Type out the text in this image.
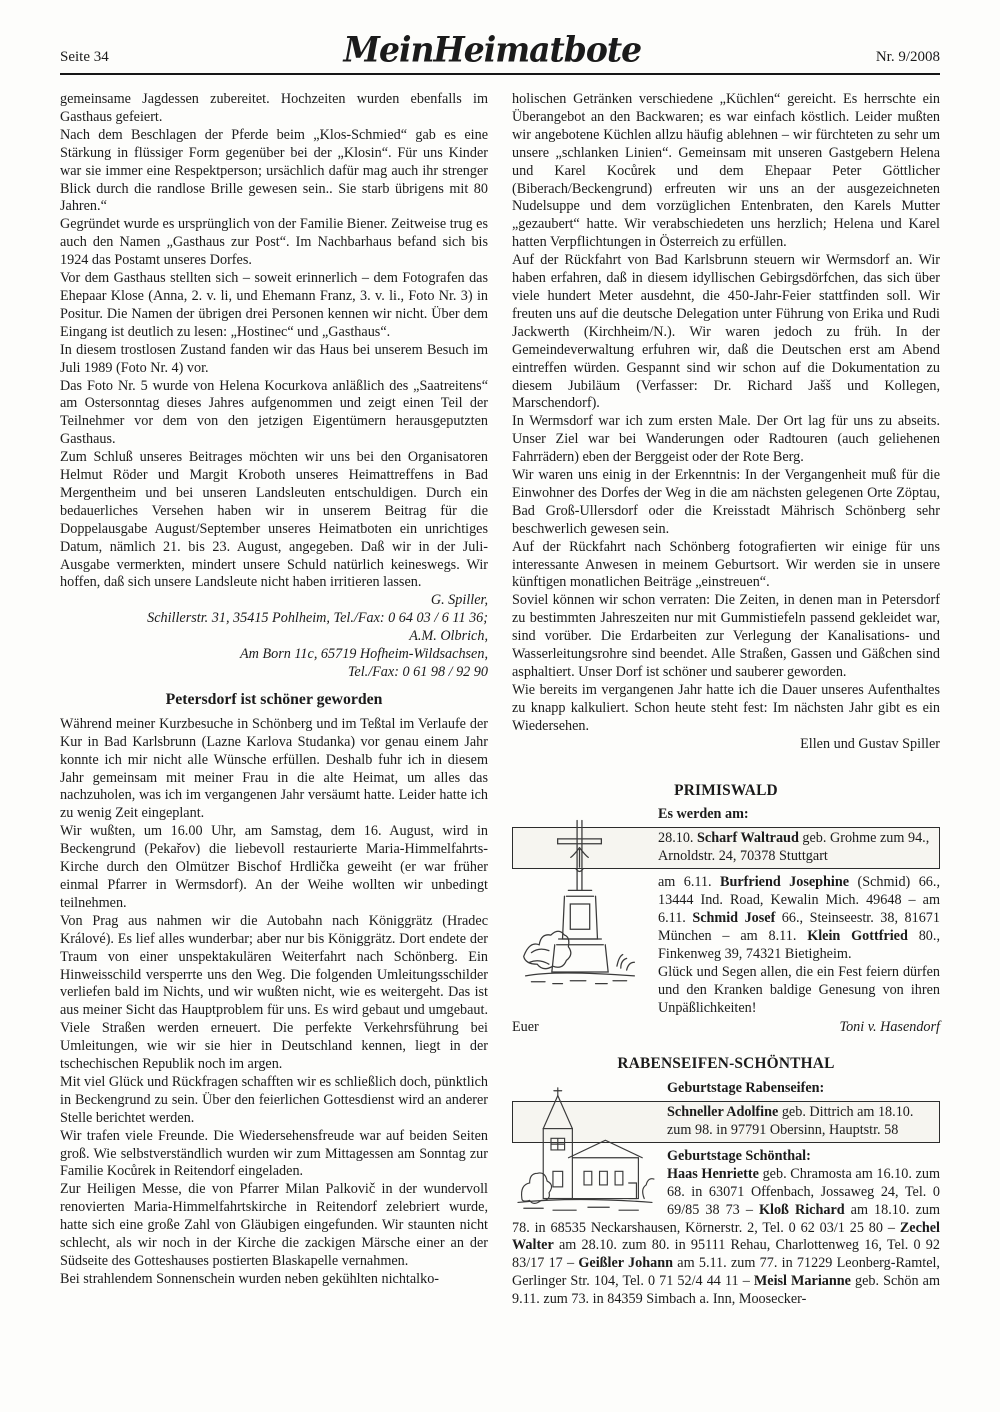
Seite 34	MeinHeimatbote	Nr. 9/2008

gemeinsame Jagdessen zubereitet. Hochzeiten wurden ebenfalls im Gasthaus gefeiert.

Nach dem Beschlagen der Pferde beim „Klos-Schmied“ gab es eine Stärkung in flüssiger Form gegenüber bei der „Klosin“. Für uns Kinder war sie immer eine Respektperson; ursächlich dafür mag auch ihr strenger Blick durch die randlose Brille gewesen sein.. Sie starb übrigens mit 80 Jahren.“

Gegründet wurde es ursprünglich von der Familie Biener. Zeitweise trug es auch den Namen „Gasthaus zur Post“. Im Nachbarhaus befand sich bis 1924 das Postamt unseres Dorfes.

Vor dem Gasthaus stellten sich – soweit erinnerlich – dem Fotografen das Ehepaar Klose (Anna, 2. v. li, und Ehemann Franz, 3. v. li., Foto Nr. 3) in Positur. Die Namen der übrigen drei Personen kennen wir nicht. Über dem Eingang ist deutlich zu lesen: „Hostinec“ und „Gasthaus“.

In diesem trostlosen Zustand fanden wir das Haus bei unserem Besuch im Juli 1989 (Foto Nr. 4) vor.

Das Foto Nr. 5 wurde von Helena Kocurkova anläßlich des „Saatreitens“ am Ostersonntag dieses Jahres aufgenommen und zeigt einen Teil der Teilnehmer vor dem von den jetzigen Eigentümern herausgeputzten Gasthaus.

Zum Schluß unseres Beitrages möchten wir uns bei den Organisatoren Helmut Röder und Margit Kroboth unseres Heimattreffens in Bad Mergentheim und bei unseren Landsleuten entschuldigen. Durch ein bedauerliches Versehen haben wir in unserem Beitrag für die Doppelausgabe August/September unseres Heimatboten ein unrichtiges Datum, nämlich 21. bis 23. August, angegeben. Daß wir in der Juli-Ausgabe vermerkten, mindert unsere Schuld natürlich keineswegs. Wir hoffen, daß sich unsere Landsleute nicht haben irritieren lassen.

G. Spiller,

Schillerstr. 31, 35415 Pohlheim, Tel./Fax: 0 64 03 / 6 11 36;

A.M. Olbrich,

Am Born 11c, 65719 Hofheim-Wildsachsen,

Tel./Fax: 0 61 98 / 92 90

Petersdorf ist schöner geworden

Während meiner Kurzbesuche in Schönberg und im Teßtal im Verlaufe der Kur in Bad Karlsbrunn (Lazne Karlova Studanka) vor genau einem Jahr konnte ich mir nicht alle Wünsche erfüllen. Deshalb fuhr ich in diesem Jahr gemeinsam mit meiner Frau in die alte Heimat, um alles das nachzuholen, was ich im vergangenen Jahr versäumt hatte. Leider hatte ich zu wenig Zeit eingeplant.

Wir wußten, um 16.00 Uhr, am Samstag, dem 16. August, wird in Beckengrund (Pekařov) die liebevoll restaurierte Maria-Himmelfahrts-Kirche durch den Olmützer Bischof Hrdlička geweiht (er war früher einmal Pfarrer in Wermsdorf). An der Weihe wollten wir unbedingt teilnehmen.

Von Prag aus nahmen wir die Autobahn nach Königgrätz (Hradec Králové). Es lief alles wunderbar; aber nur bis Königgrätz. Dort endete der Traum von einer unspektakulären Weiterfahrt nach Schönberg. Ein Hinweisschild versperrte uns den Weg. Die folgenden Umleitungsschilder verliefen bald im Nichts, und wir wußten nicht, wie es weitergeht. Das ist aus meiner Sicht das Hauptproblem für uns. Es wird gebaut und umgebaut. Viele Straßen werden erneuert. Die perfekte Verkehrsführung bei Umleitungen, wie wir sie hier in Deutschland kennen, liegt in der tschechischen Republik noch im argen.

Mit viel Glück und Rückfragen schafften wir es schließlich doch, pünktlich in Beckengrund zu sein. Über den feierlichen Gottesdienst wird an anderer Stelle berichtet werden.

Wir trafen viele Freunde. Die Wiedersehensfreude war auf beiden Seiten groß. Wie selbstverständlich wurden wir zum Mittagessen am Sonntag zur Familie Kocůrek in Reitendorf eingeladen.

Zur Heiligen Messe, die von Pfarrer Milan Palkovič in der wundervoll renovierten Maria-Himmelfahrtskirche in Reitendorf zelebriert wurde, hatte sich eine große Zahl von Gläubigen eingefunden. Wir staunten nicht schlecht, als wir noch in der Kirche die zackigen Märsche einer an der Südseite des Gotteshauses postierten Blaskapelle vernahmen.

Bei strahlendem Sonnenschein wurden neben gekühlten nichtalko-

holischen Getränken verschiedene „Küchlen“ gereicht. Es herrschte ein Überangebot an den Backwaren; es war einfach köstlich. Leider mußten wir angebotene Küchlen allzu häufig ablehnen – wir fürchteten zu sehr um unsere „schlanken Linien“. Gemeinsam mit unseren Gastgebern Helena und Karel Kocůrek und dem Ehepaar Peter Göttlicher (Biberach/Beckengrund) erfreuten wir uns an der ausgezeichneten Nudelsuppe und dem vorzüglichen Entenbraten, den Karels Mutter „gezaubert“ hatte. Wir verabschiedeten uns herzlich; Helena und Karel hatten Verpflichtungen in Österreich zu erfüllen.

Auf der Rückfahrt von Bad Karlsbrunn steuern wir Wermsdorf an. Wir haben erfahren, daß in diesem idyllischen Gebirgsdörfchen, das sich über viele hundert Meter ausdehnt, die 450-Jahr-Feier stattfinden soll. Wir freuten uns auf die deutsche Delegation unter Führung von Erika und Rudi Jackwerth (Kirchheim/N.). Wir waren jedoch zu früh. In der Gemeindeverwaltung erfuhren wir, daß die Deutschen erst am Abend eintreffen würden. Gespannt sind wir schon auf die Dokumentation zu diesem Jubiläum (Verfasser: Dr. Richard Jašš und Kollegen, Marschendorf).

In Wermsdorf war ich zum ersten Male. Der Ort lag für uns zu abseits. Unser Ziel war bei Wanderungen oder Radtouren (auch geliehenen Fahrrädern) eben der Berggeist oder der Rote Berg.

Wir waren uns einig in der Erkenntnis: In der Vergangenheit muß für die Einwohner des Dorfes der Weg in die am nächsten gelegenen Orte Zöptau, Bad Groß-Ullersdorf oder die Kreisstadt Mährisch Schönberg sehr beschwerlich gewesen sein.

Auf der Rückfahrt nach Schönberg fotografierten wir einige für uns interessante Anwesen in meinem Geburtsort. Wir werden sie in unsere künftigen monatlichen Beiträge „einstreuen“.

Soviel können wir schon verraten: Die Zeiten, in denen man in Petersdorf zu bestimmten Jahreszeiten nur mit Gummistiefeln passend gekleidet war, sind vorüber. Die Erdarbeiten zur Verlegung der Kanalisations- und Wasserleitungsrohre sind beendet. Alle Straßen, Gassen und Gäßchen sind asphaltiert. Unser Dorf ist schöner und sauberer geworden.

Wie bereits im vergangenen Jahr hatte ich die Dauer unseres Aufenthaltes zu knapp kalkuliert. Schon heute steht fest: Im nächsten Jahr gibt es ein Wiedersehen.

Ellen und Gustav Spiller

PRIMISWALD

Es werden am:

28.10. Scharf Waltraud geb. Grohme zum 94., Arnoldstr. 24, 70378 Stuttgart

am 6.11. Burfriend Josephine (Schmid) 66., 13444 Ind. Road, Kewalin Mich. 49648 – am 6.11. Schmid Josef 66., Steinseestr. 38, 81671 München – am 8.11. Klein Gottfried 80., Finkenweg 39, 74321 Bietigheim.

Glück und Segen allen, die ein Fest feiern dürfen und den Kranken baldige Genesung von ihren Unpäßlichkeiten!

Euer	Toni v. Hasendorf
RABENSEIFEN-SCHÖNTHAL

Geburtstage Rabenseifen:

Schneller Adolfine geb. Dittrich am 18.10. zum 98. in 97791 Obersinn, Hauptstr. 58

Geburtstage Schönthal:

Haas Henriette geb. Chramosta am 16.10. zum 68. in 63071 Offenbach, Jossaweg 24, Tel. 0 69/85 38 73 – Kloß Richard am 18.10. zum 78. in 68535 Neckarshausen, Körnerstr. 2, Tel. 0 62 03/1 25 80 – Zechel Walter am 28.10. zum 80. in 95111 Rehau, Charlottenweg 16, Tel. 0 92 83/17 17 – Geißler Johann am 5.11. zum 77. in 71229 Leonberg-Ramtel, Gerlinger Str. 104, Tel. 0 71 52/4 44 11 – Meisl Marianne geb. Schön am 9.11. zum 73. in 84359 Simbach a. Inn, Moosecker-
